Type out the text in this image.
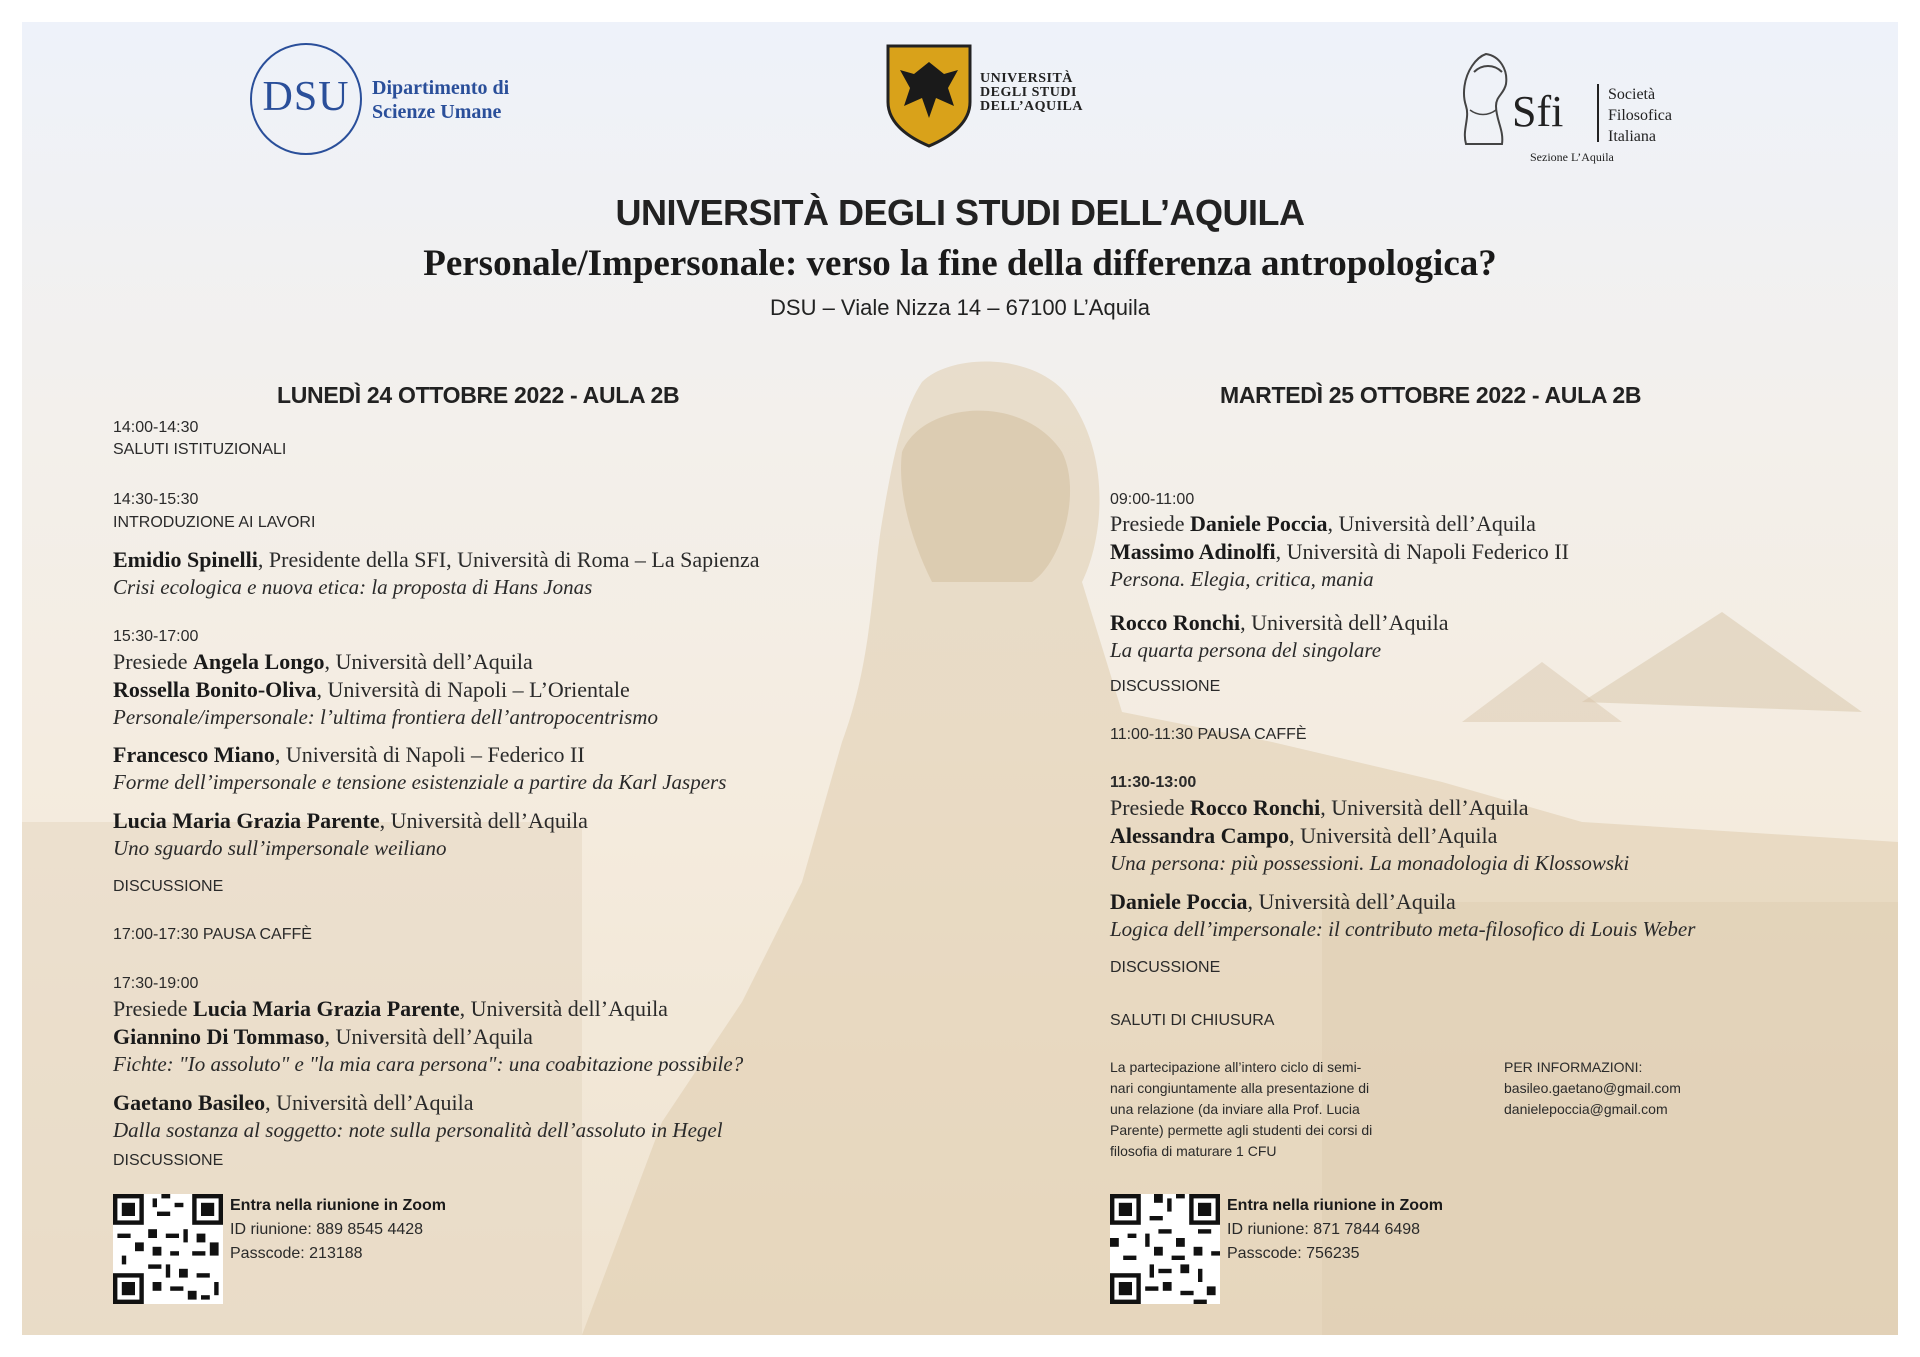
DSU	Dipartimento di
Scienze Umane
UNIVERSITÀ
DEGLI STUDI
DELL’AQUILA	Sfi	Società
Filosofica
Italiana
Sezione L’Aquila
UNIVERSITÀ DEGLI STUDI DELL’AQUILA
Personale/Impersonale: verso la fine della differenza antropologica?
DSU – Viale Nizza 14 – 67100 L’Aquila
LUNEDÌ 24 OTTOBRE 2022 - AULA 2B
14:00-14:30
SALUTI ISTITUZIONALI
14:30-15:30
INTRODUZIONE AI LAVORI
Emidio Spinelli, Presidente della SFI, Università di Roma – La Sapienza
Crisi ecologica e nuova etica: la proposta di Hans Jonas
15:30-17:00
Presiede Angela Longo, Università dell’Aquila
Rossella Bonito-Oliva, Università di Napoli – L’Orientale
Personale/impersonale: l’ultima frontiera dell’antropocentrismo
Francesco Miano, Università di Napoli – Federico II
Forme dell’impersonale e tensione esistenziale a partire da Karl Jaspers
Lucia Maria Grazia Parente, Università dell’Aquila
Uno sguardo sull’impersonale weiliano
DISCUSSIONE
17:00-17:30 PAUSA CAFFÈ
17:30-19:00
Presiede Lucia Maria Grazia Parente, Università dell’Aquila
Giannino Di Tommaso, Università dell’Aquila
Fichte: "Io assoluto" e "la mia cara persona": una coabitazione possibile?
Gaetano Basileo, Università dell’Aquila
Dalla sostanza al soggetto: note sulla personalità dell’assoluto in Hegel
DISCUSSIONE
Entra nella riunione in Zoom
ID riunione: 889 8545 4428
Passcode: 213188
MARTEDÌ 25 OTTOBRE 2022 - AULA 2B
09:00-11:00
Presiede Daniele Poccia, Università dell’Aquila
Massimo Adinolfi, Università di Napoli Federico II
Persona. Elegia, critica, mania
Rocco Ronchi, Università dell’Aquila
La quarta persona del singolare
DISCUSSIONE
11:00-11:30 PAUSA CAFFÈ
11:30-13:00
Presiede Rocco Ronchi, Università dell’Aquila
Alessandra Campo, Università dell’Aquila
Una persona: più possessioni. La monadologia di Klossowski
Daniele Poccia, Università dell’Aquila
Logica dell’impersonale: il contributo meta-filosofico di Louis Weber
DISCUSSIONE
SALUTI DI CHIUSURA
La partecipazione all’intero ciclo di semi-
nari congiuntamente alla presentazione di
una relazione (da inviare alla Prof. Lucia
Parente) permette agli studenti dei corsi di
filosofia di maturare 1 CFU
PER INFORMAZIONI:
basileo.gaetano@gmail.com
danielepoccia@gmail.com
Entra nella riunione in Zoom
ID riunione: 871 7844 6498
Passcode: 756235
